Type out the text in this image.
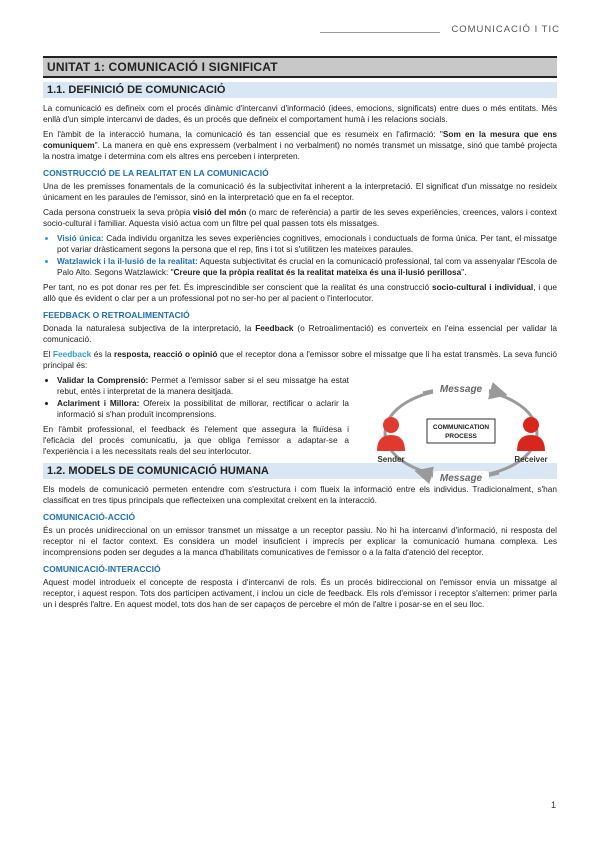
COMUNICACIÓ I TIC
UNITAT 1: COMUNICACIÓ I SIGNIFICAT
1.1. DEFINICIÓ DE COMUNICACIÓ

La comunicació es defineix com el procés dinàmic d'intercanvi d'informació (idees, emocions, significats) entre dues o més entitats. Més enllà d'un simple intercanvi de dades, és un procés que defineix el comportament humà i les relacions socials.

En l'àmbit de la interacció humana, la comunicació és tan essencial que es resumeix en l'afirmació: "Som en la mesura que ens comuniquem". La manera en què ens expressem (verbalment i no verbalment) no només transmet un missatge, sinó que també projecta la nostra imatge i determina com els altres ens perceben i interpreten.

CONSTRUCCIÓ DE LA REALITAT EN LA COMUNICACIÓ

Una de les premisses fonamentals de la comunicació és la subjectivitat inherent a la interpretació. El significat d'un missatge no resideix únicament en les paraules de l'emissor, sinó en la interpretació que en fa el receptor.

Cada persona construeix la seva pròpia visió del món (o marc de referència) a partir de les seves experiències, creences, valors i context socio-cultural i familiar. Aquesta visió actua com un filtre pel qual passen tots els missatges.

• Visió única: Cada individu organitza les seves experiències cognitives, emocionals i conductuals de forma única. Per tant, el missatge pot variar dràsticament segons la persona que el rep, fins i tot si s'utilitzen les mateixes paraules.
• Watzlawick i la il·lusió de la realitat: Aquesta subjectivitat és crucial en la comunicació professional, tal com va assenyalar l'Escola de Palo Alto. Segons Watzlawick: "Creure que la pròpia realitat és la realitat mateixa és una il·lusió perillosa".

Per tant, no es pot donar res per fet. És imprescindible ser conscient que la realitat és una construcció socio-cultural i individual, i que allò que és evident o clar per a un professional pot no ser-ho per al pacient o l'interlocutor.

FEEDBACK O RETROALIMENTACIÓ

Donada la naturalesa subjectiva de la interpretació, la Feedback (o Retroalimentació) es converteix en l'eina essencial per validar la comunicació.

El Feedback és la resposta, reacció o opinió que el receptor dona a l'emissor sobre el missatge que li ha estat transmès. La seva funció principal és:

• Validar la Comprensió: Permet a l'emissor saber si el seu missatge ha estat rebut, entès i interpretat de la manera desitjada.
• Aclariment i Millora: Ofereix la possibilitat de millorar, rectificar o aclarir la informació si s'han produït incomprensions.

En l'àmbit professional, el feedback és l'element que assegura la fluïdesa i l'eficàcia del procés comunicatiu, ja que obliga l'emissor a adaptar-se a l'experiència i a les necessitats reals del seu interlocutor.

Message
Message
COMMUNICATION
PROCESS
Sender	Receiver
1.2. MODELS DE COMUNICACIÓ HUMANA

Els models de comunicació permeten entendre com s'estructura i com flueix la informació entre els individus. Tradicionalment, s'han classificat en tres tipus principals que reflecteixen una complexitat creixent en la interacció.

COMUNICACIÓ-ACCIÓ

És un procés unidireccional on un emissor transmet un missatge a un receptor passiu. No hi ha intercanvi d'informació, ni resposta del receptor ni el factor context. Es considera un model insuficient i imprecís per explicar la comunicació humana complexa. Les incomprensions poden ser degudes a la manca d'habilitats comunicatives de l'emissor o a la falta d'atenció del receptor.

COMUNICACIÓ-INTERACCIÓ

Aquest model introdueix el concepte de resposta i d'intercanvi de rols. És un procés bidireccional on l'emissor envia un missatge al receptor, i aquest respon. Tots dos participen activament, i inclou un cicle de feedback. Els rols d'emissor i receptor s'alternen: primer parla un i després l'altre. En aquest model, tots dos han de ser capaços de percebre el món de l'altre i posar-se en el seu lloc.

1
